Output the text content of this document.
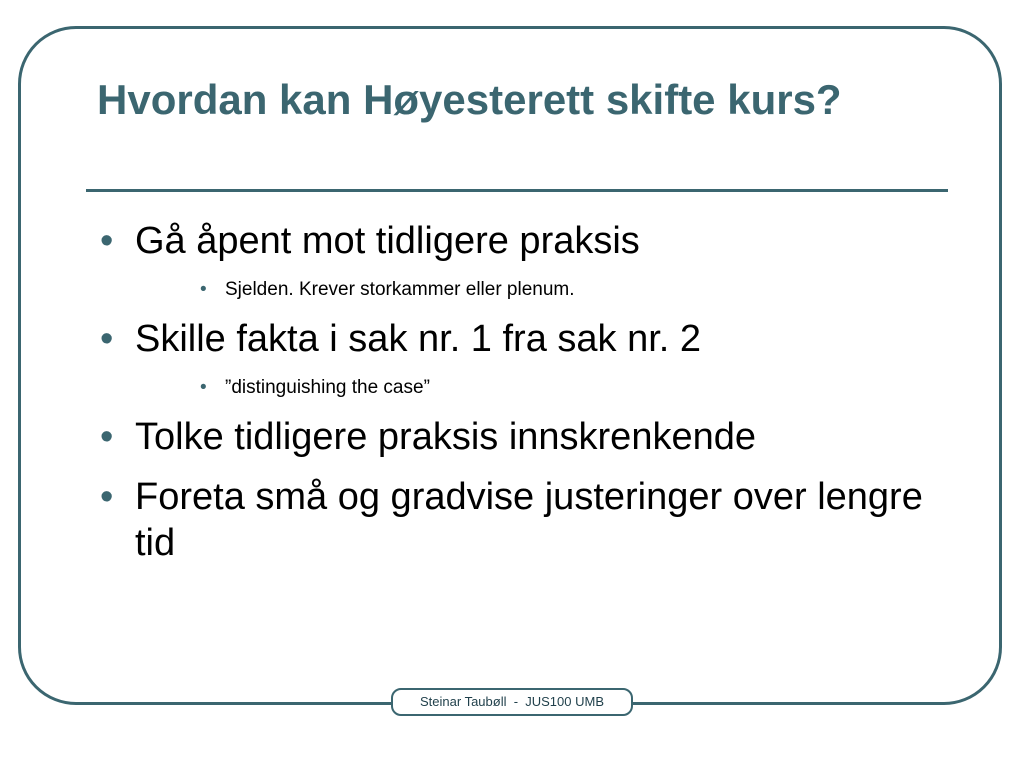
Hvordan kan Høyesterett skifte kurs?
• Gå åpent mot tidligere praksis
• Sjelden. Krever storkammer eller plenum.
• Skille fakta i sak nr. 1 fra sak nr. 2
• ”distinguishing the case”
• Tolke tidligere praksis innskrenkende
• Foreta små og gradvise justeringer over lengre tid
Steinar Taubøll  -  JUS100 UMB
